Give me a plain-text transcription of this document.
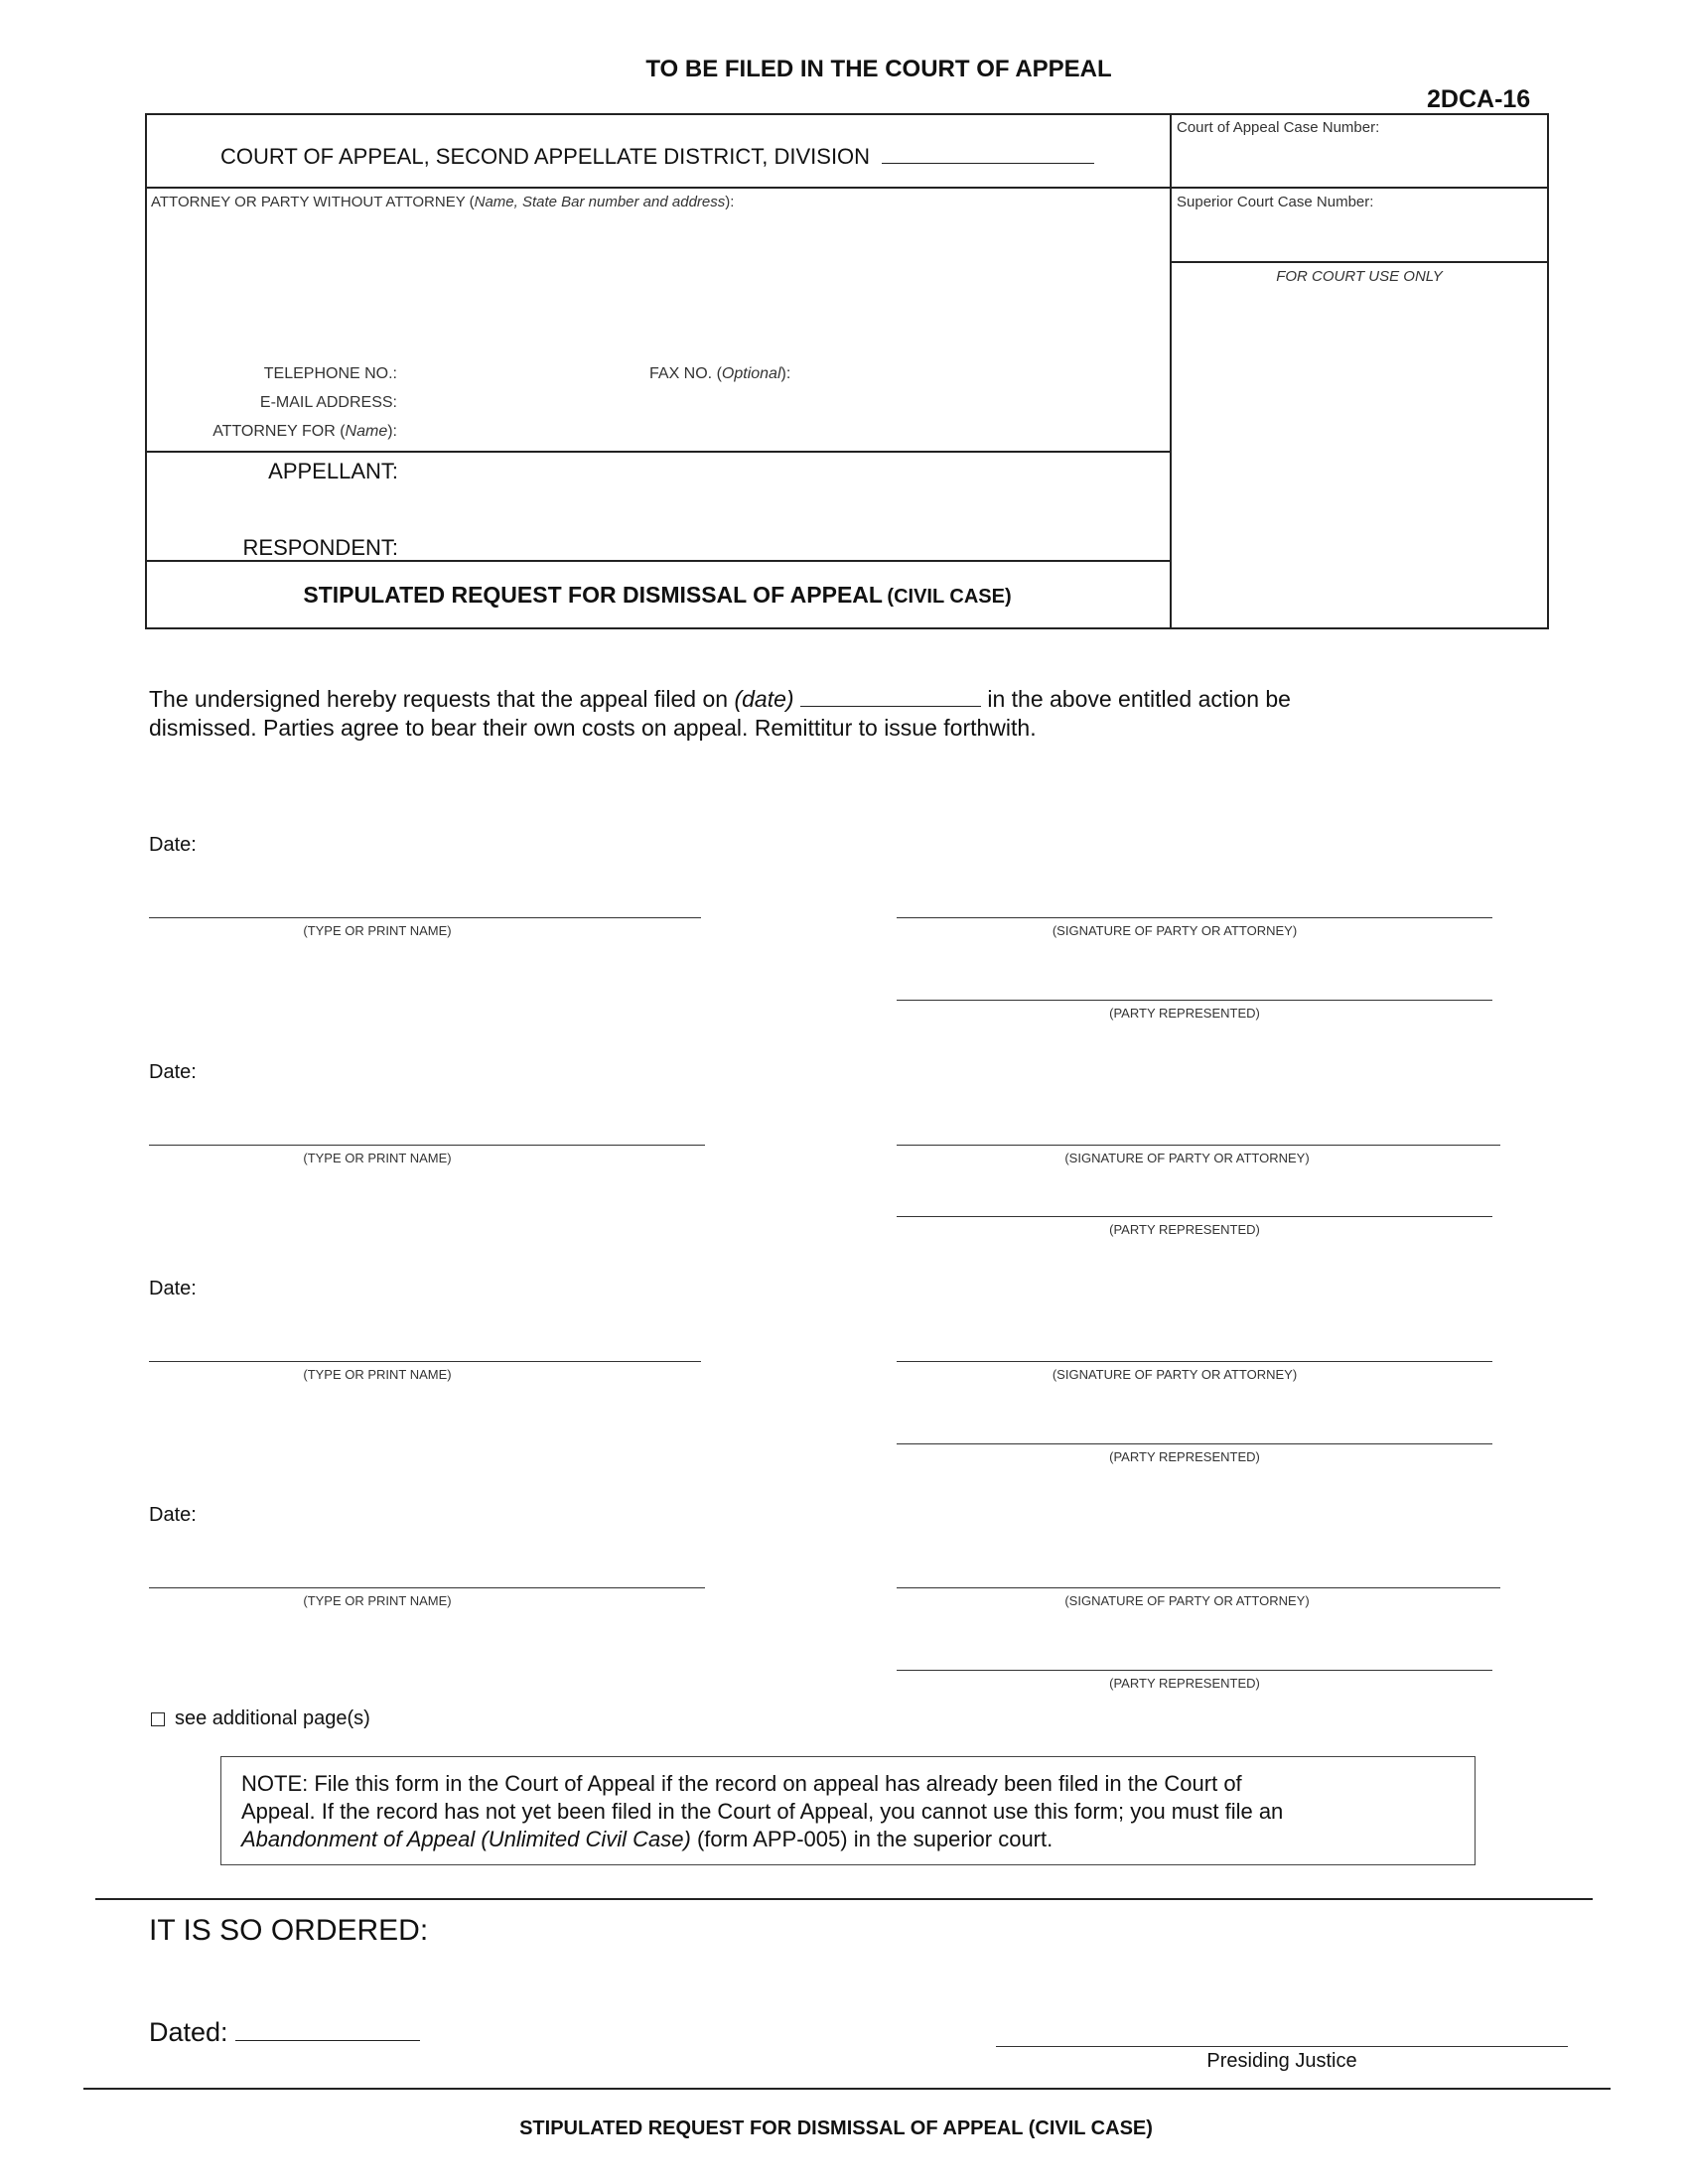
TO BE FILED IN THE COURT OF APPEAL
2DCA-16
COURT OF APPEAL, SECOND APPELLATE DISTRICT, DIVISION
Court of Appeal Case Number:
Superior Court Case Number:
FOR COURT USE ONLY
ATTORNEY OR PARTY WITHOUT ATTORNEY (Name, State Bar number and address):
TELEPHONE NO.:	FAX NO. (Optional):
E-MAIL ADDRESS:
ATTORNEY FOR (Name):
APPELLANT:
RESPONDENT:
STIPULATED REQUEST FOR DISMISSAL OF APPEAL (CIVIL CASE)
The undersigned hereby requests that the appeal filed on (date)	in the above entitled action be
dismissed. Parties agree to bear their own costs on appeal. Remittitur to issue forthwith.
Date:
(TYPE OR PRINT NAME)	(SIGNATURE OF PARTY OR ATTORNEY)
(PARTY REPRESENTED)
Date:
(TYPE OR PRINT NAME)	(SIGNATURE OF PARTY OR ATTORNEY)
(PARTY REPRESENTED)
Date:
(TYPE OR PRINT NAME)	(SIGNATURE OF PARTY OR ATTORNEY)
(PARTY REPRESENTED)
Date:
(TYPE OR PRINT NAME)	(SIGNATURE OF PARTY OR ATTORNEY)
(PARTY REPRESENTED)
see additional page(s)
NOTE: File this form in the Court of Appeal if the record on appeal has already been filed in the Court of
Appeal. If the record has not yet been filed in the Court of Appeal, you cannot use this form; you must file an
Abandonment of Appeal (Unlimited Civil Case) (form APP-005) in the superior court.
IT IS SO ORDERED:
Dated:
Presiding Justice
STIPULATED REQUEST FOR DISMISSAL OF APPEAL (CIVIL CASE)
